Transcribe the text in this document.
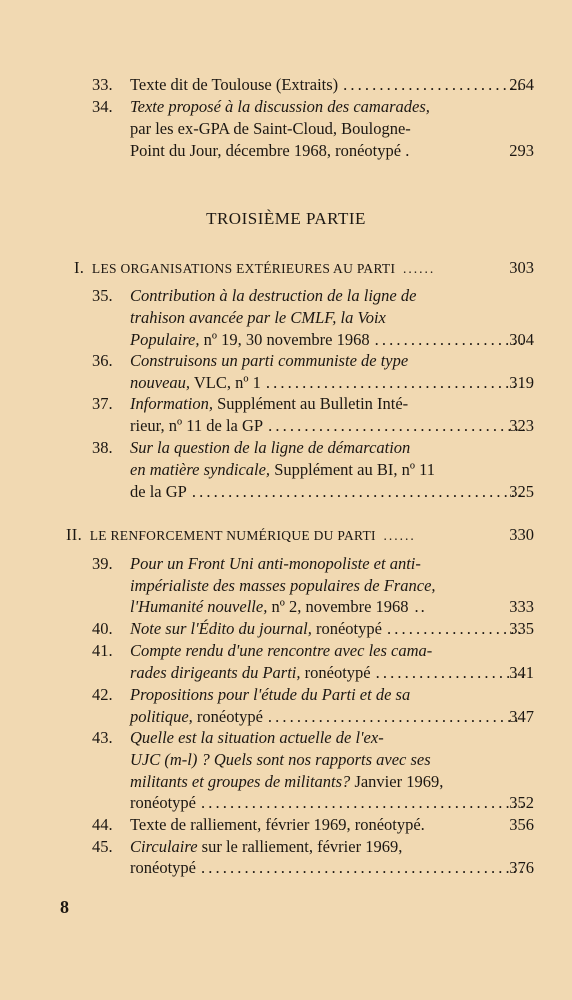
33. Texte dit de Toulouse (Extraits) . . .	264
34. Texte proposé à la discussion des camarades,
par les ex-GPA de Saint-Cloud, Boulogne-
Point du Jour, décembre 1968, ronéotypé .	293
TROISIÈME PARTIE
I. LES ORGANISATIONS EXTÉRIEURES AU PARTI ......	303
35. Contribution à la destruction de la ligne de
trahison avancée par le CMLF, la Voix
Populaire, nº 19, 30 novembre 1968 . . .	304
36. Construisons un parti communiste de type
nouveau, VLC, nº 1 . . .	319
37. Information, Supplément au Bulletin Inté-
rieur, nº 11 de la GP . . .	323
38. Sur la question de la ligne de démarcation
en matière syndicale, Supplément au BI, nº 11
de la GP . . .	325
II. LE RENFORCEMENT NUMÉRIQUE DU PARTI ......	330
39. Pour un Front Uni anti-monopoliste et anti-
impérialiste des masses populaires de France,
l'Humanité nouvelle, nº 2, novembre 1968 ..	333
40. Note sur l'Édito du journal, ronéotypé . . .	335
41. Compte rendu d'une rencontre avec les cama-
rades dirigeants du Parti, ronéotypé . . .	341
42. Propositions pour l'étude du Parti et de sa
politique, ronéotypé . . .	347
43. Quelle est la situation actuelle de l'ex-
UJC (m-l) ? Quels sont nos rapports avec ses
militants et groupes de militants? Janvier 1969,
ronéotypé . . .	352
44. Texte de ralliement, février 1969, ronéotypé.	356
45. Circulaire sur le ralliement, février 1969,
ronéotypé . . .	376
8
